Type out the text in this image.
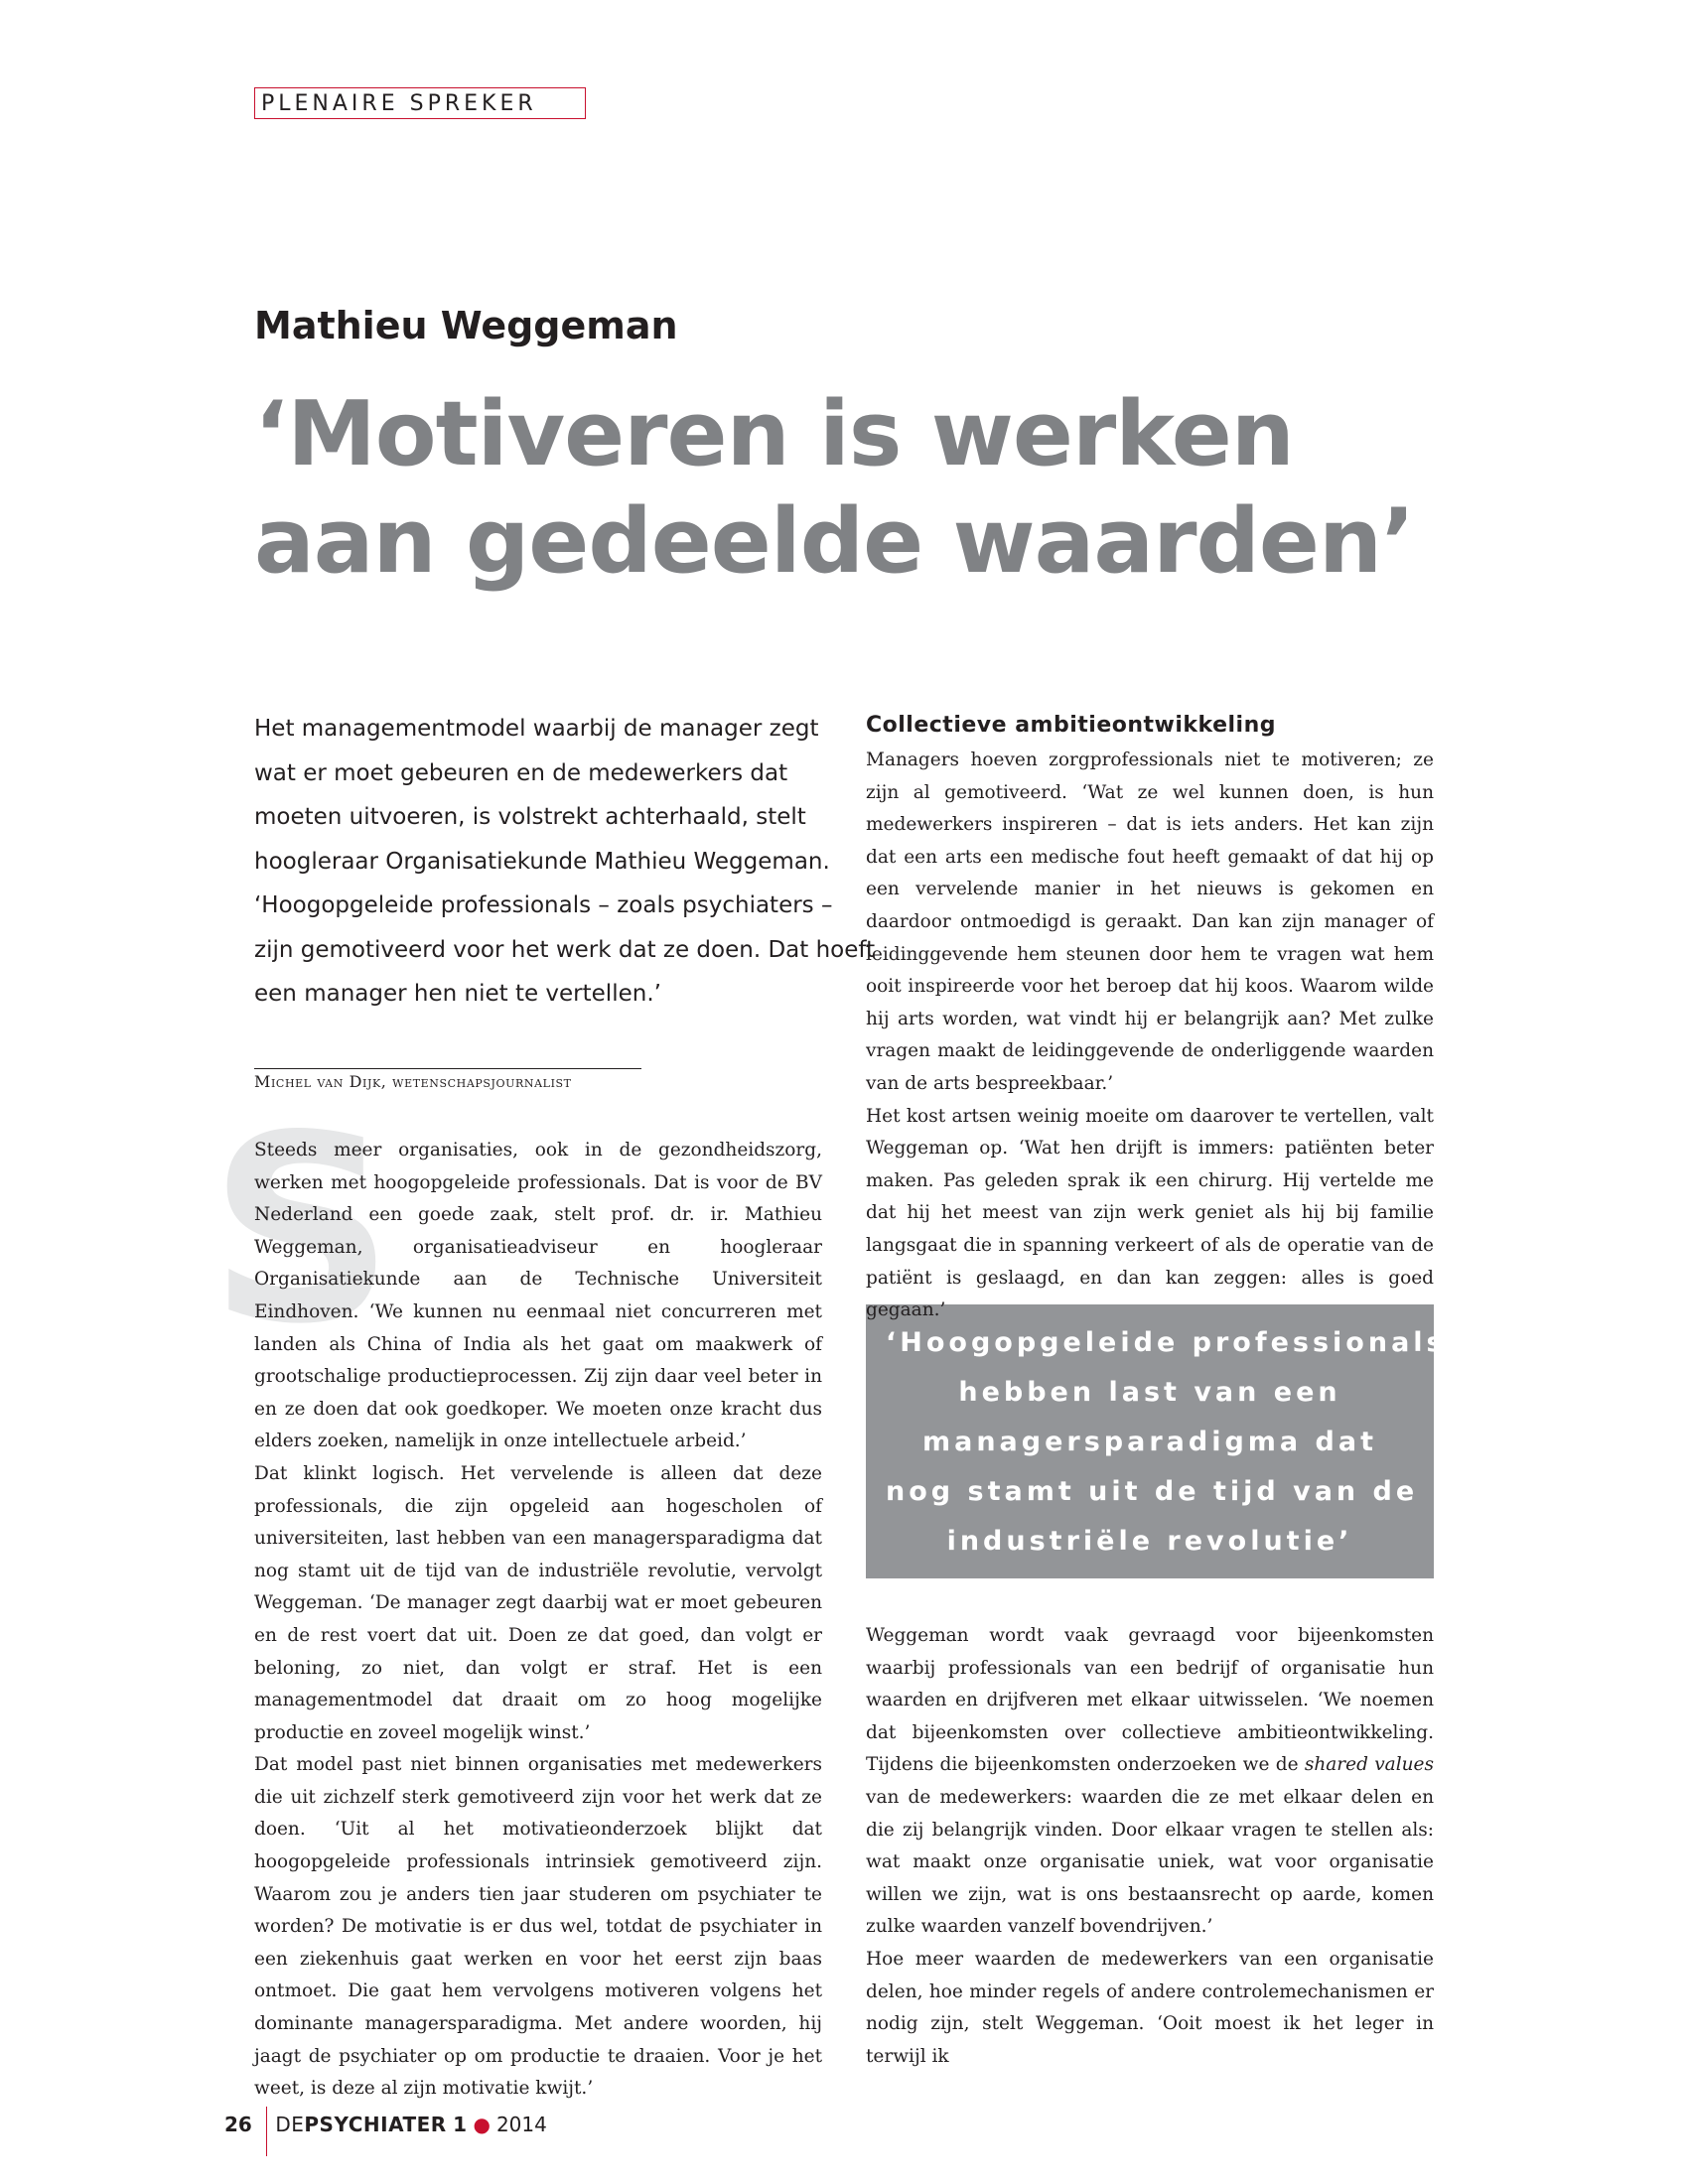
PLENAIRE SPREKER
Mathieu Weggeman
‘Motiveren is werken
aan gedeelde waarden’
Het managementmodel waarbij de manager zegt
wat er moet gebeuren en de medewerkers dat
moeten uitvoeren, is volstrekt achterhaald, stelt
hoogleraar Organisatiekunde Mathieu Weggeman.
‘Hoogopgeleide professionals – zoals psychiaters –
zijn gemotiveerd voor het werk dat ze doen. Dat hoeft
een manager hen niet te vertellen.’
Michel van Dijk, wetenschapsjournalist
S

Steeds meer organisaties, ook in de gezondheidszorg, werken met hoogopgeleide professionals. Dat is voor de BV Nederland een goede zaak, stelt prof. dr. ir. Mathieu Weggeman, organisatieadviseur en hoogleraar Organisatiekunde aan de Technische Universiteit Eindhoven. ‘We kunnen nu eenmaal niet concurreren met landen als China of India als het gaat om maakwerk of grootschalige productieprocessen. Zij zijn daar veel beter in en ze doen dat ook goedkoper. We moeten onze kracht dus elders zoeken, namelijk in onze intellectuele arbeid.’

Dat klinkt logisch. Het vervelende is alleen dat deze professionals, die zijn opgeleid aan hogescholen of universiteiten, last hebben van een managersparadigma dat nog stamt uit de tijd van de industriële revolutie, vervolgt Weggeman. ‘De manager zegt daarbij wat er moet gebeuren en de rest voert dat uit. Doen ze dat goed, dan volgt er beloning, zo niet, dan volgt er straf. Het is een managementmodel dat draait om zo hoog mogelijke productie en zoveel mogelijk winst.’

Dat model past niet binnen organisaties met medewerkers die uit zichzelf sterk gemotiveerd zijn voor het werk dat ze doen. ‘Uit al het motivatieonderzoek blijkt dat hoogopgeleide professionals intrinsiek gemotiveerd zijn. Waarom zou je anders tien jaar studeren om psychiater te worden? De motivatie is er dus wel, totdat de psychiater in een ziekenhuis gaat werken en voor het eerst zijn baas ontmoet. Die gaat hem vervolgens motiveren volgens het dominante managersparadigma. Met andere woorden, hij jaagt de psychiater op om productie te draaien. Voor je het weet, is deze al zijn motivatie kwijt.’

Collectieve ambitieontwikkeling

Managers hoeven zorgprofessionals niet te motiveren; ze zijn al gemotiveerd. ‘Wat ze wel kunnen doen, is hun medewerkers inspireren – dat is iets anders. Het kan zijn dat een arts een medische fout heeft gemaakt of dat hij op een vervelende manier in het nieuws is gekomen en daardoor ontmoedigd is geraakt. Dan kan zijn manager of leidinggevende hem steunen door hem te vragen wat hem ooit inspireerde voor het beroep dat hij koos. Waarom wilde hij arts worden, wat vindt hij er belangrijk aan? Met zulke vragen maakt de leidinggevende de onderliggende waarden van de arts bespreekbaar.’

Het kost artsen weinig moeite om daarover te vertellen, valt Weggeman op. ‘Wat hen drijft is immers: patiënten beter maken. Pas geleden sprak ik een chirurg. Hij vertelde me dat hij het meest van zijn werk geniet als hij bij familie langsgaat die in spanning verkeert of als de operatie van de patiënt is geslaagd, en dan kan zeggen: alles is goed gegaan.’

‘Hoogopgeleide professionals
hebben last van een
managersparadigma dat
nog stamt uit de tijd van de
industriële revolutie’

Weggeman wordt vaak gevraagd voor bijeenkomsten waarbij professionals van een bedrijf of organisatie hun waarden en drijfveren met elkaar uitwisselen. ‘We noemen dat bijeenkomsten over collectieve ambitieontwikkeling. Tijdens die bijeenkomsten onderzoeken we de shared values van de medewerkers: waarden die ze met elkaar delen en die zij belangrijk vinden. Door elkaar vragen te stellen als: wat maakt onze organisatie uniek, wat voor organisatie willen we zijn, wat is ons bestaansrecht op aarde, komen zulke waarden vanzelf bovendrijven.’

Hoe meer waarden de medewerkers van een organisatie delen, hoe minder regels of andere controlemechanismen er nodig zijn, stelt Weggeman. ‘Ooit moest ik het leger in terwijl ik

26 DEPSYCHIATER 1 ● 2014
